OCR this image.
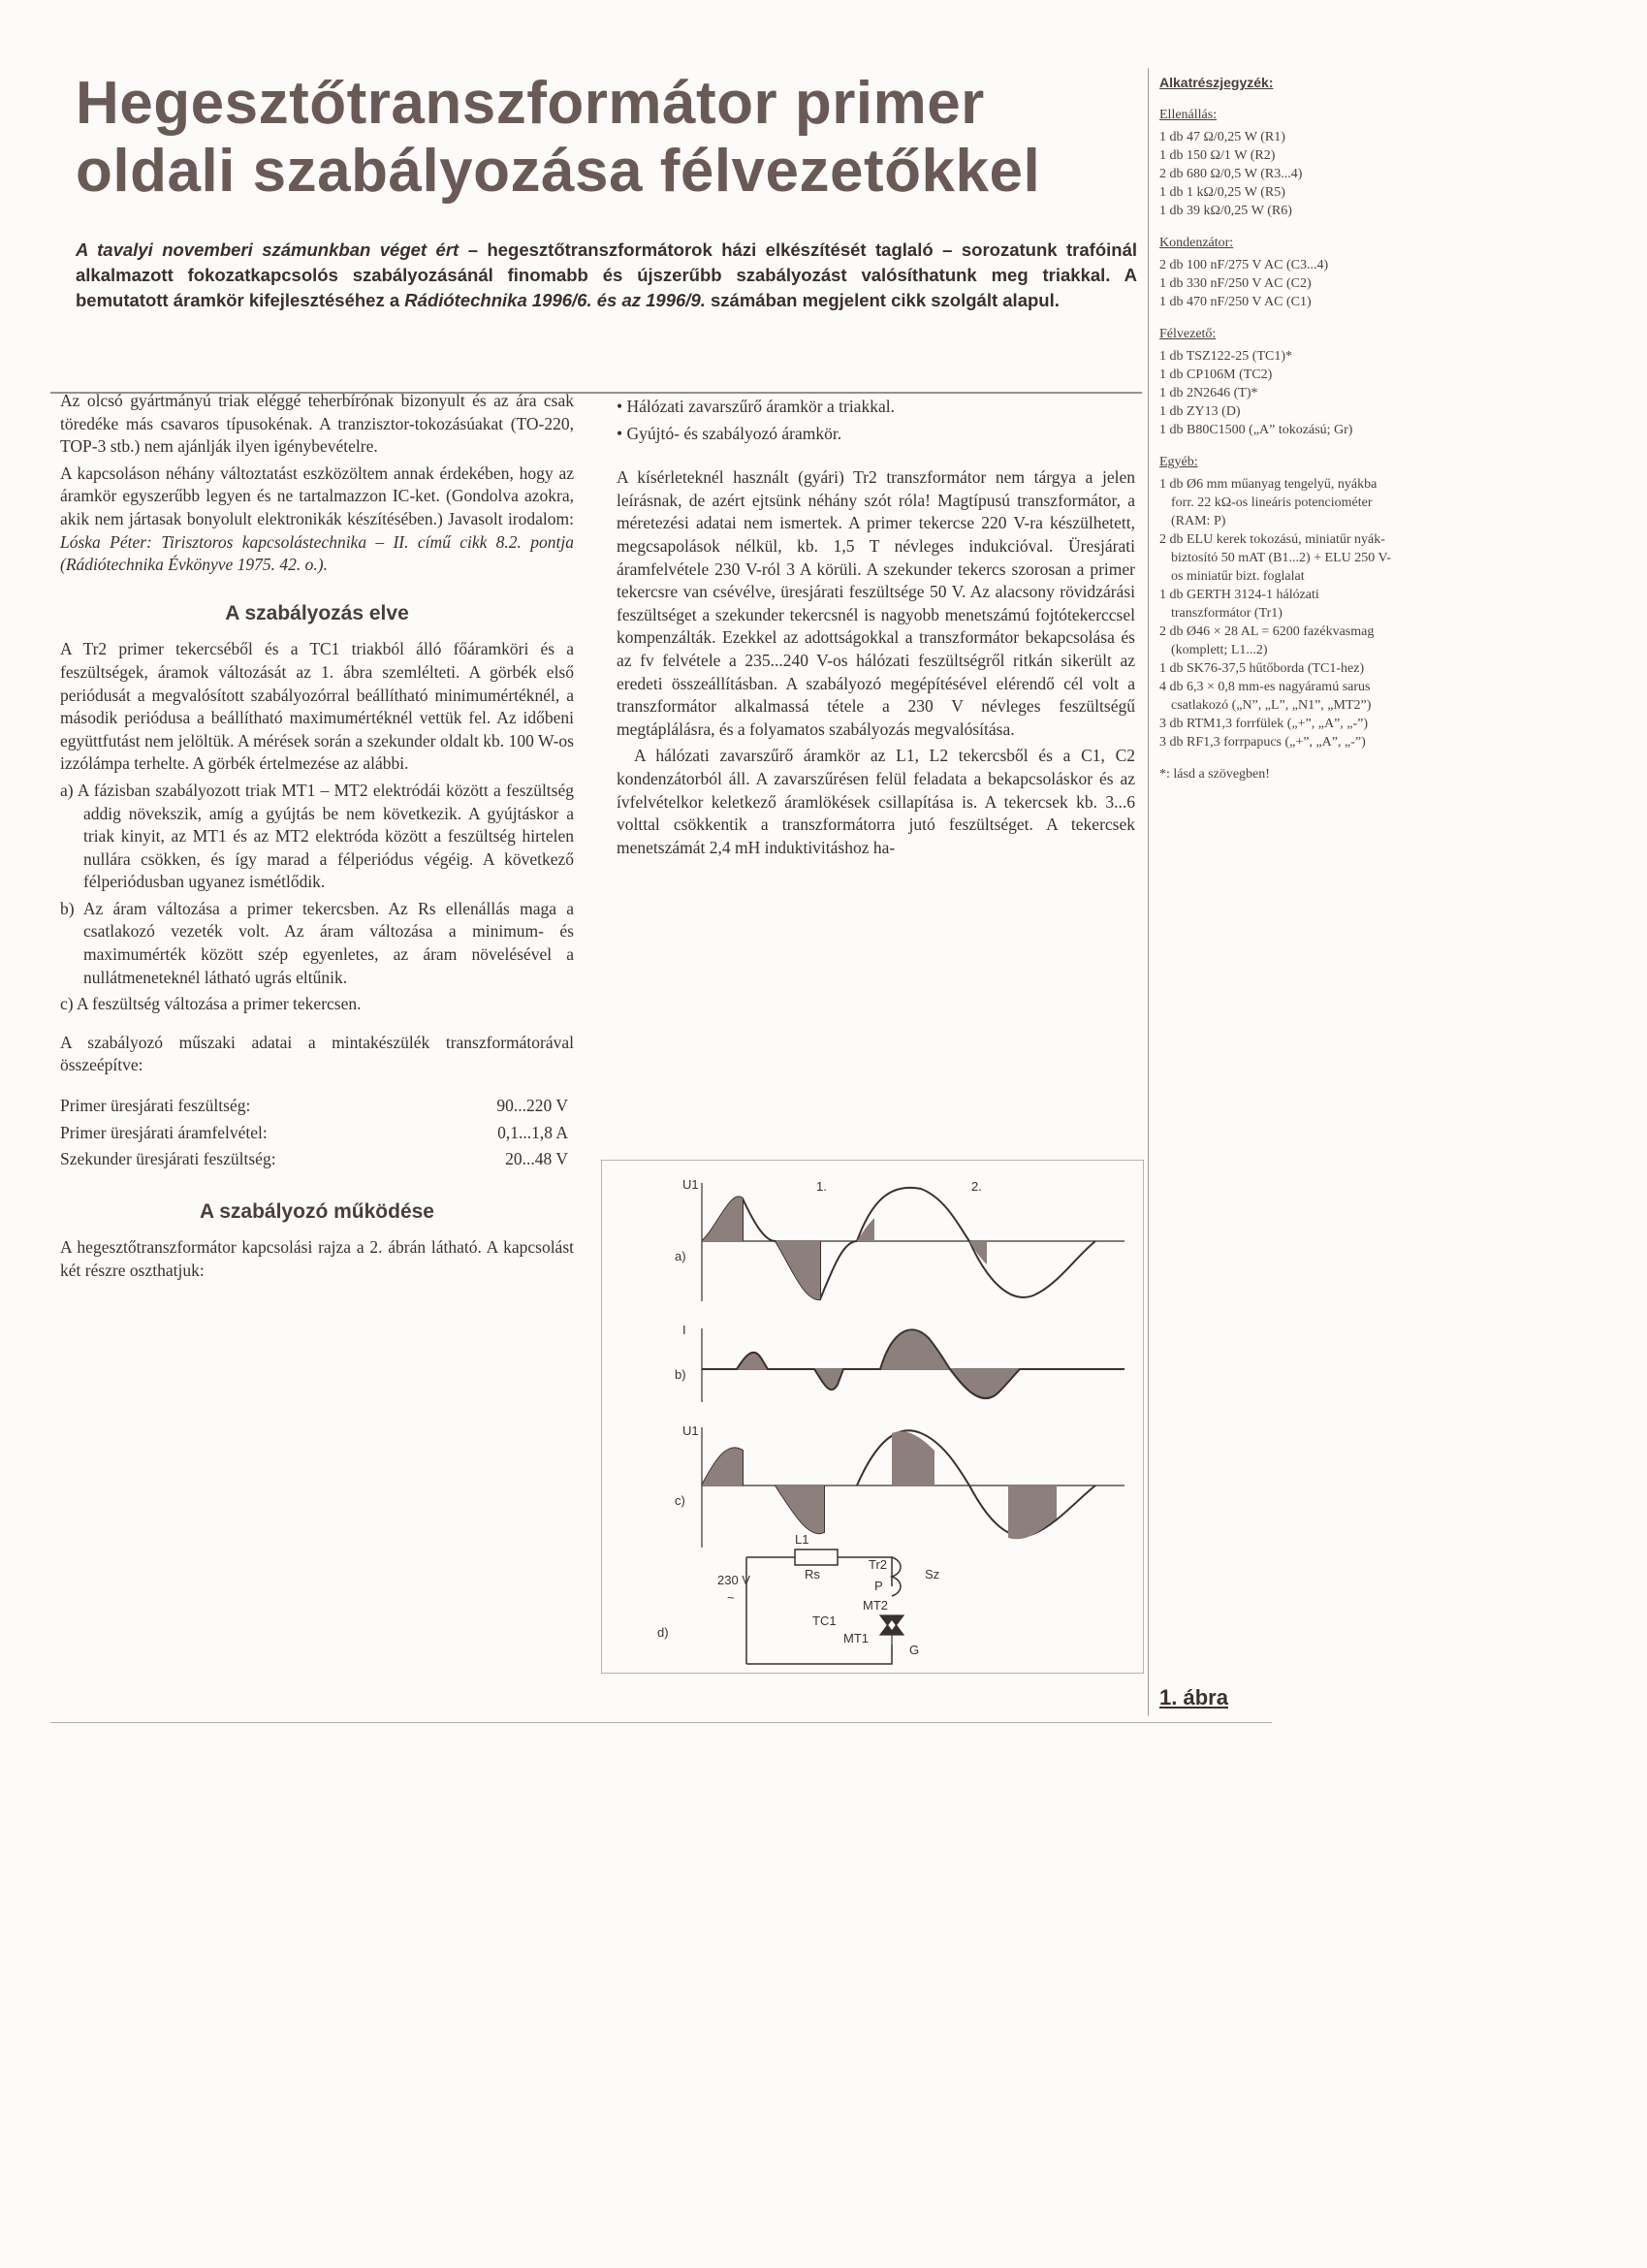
Hegesztőtranszformátor primer
oldali szabályozása félvezetőkkel
A tavalyi novemberi számunkban véget ért – hegesztőtranszformátorok házi elkészítését taglaló – sorozatunk trafóinál alkalmazott fokozatkapcsolós szabályozásánál finomabb és újszerűbb szabályozást valósíthatunk meg triakkal. A bemutatott áramkör kifejlesztéséhez a Rádiótechnika 1996/6. és az 1996/9. számában megjelent cikk szolgált alapul.

Az olcsó gyártmányú triak eléggé teherbírónak bizonyult és az ára csak töredéke más csavaros típusokénak. A tranzisztor-tokozásúakat (TO-220, TOP-3 stb.) nem ajánlják ilyen igénybevételre.

A kapcsoláson néhány változtatást eszközöltem annak érdekében, hogy az áramkör egyszerűbb legyen és ne tartalmazzon IC-ket. (Gondolva azokra, akik nem jártasak bonyolult elektronikák készítésében.) Javasolt irodalom: Lóska Péter: Tirisztoros kapcsolástechnika – II. című cikk 8.2. pontja (Rádiótechnika Évkönyve 1975. 42. o.).

A szabályozás elve

A Tr2 primer tekercséből és a TC1 triakból álló főáramköri és a feszültségek, áramok változását az 1. ábra szemlélteti. A görbék első periódusát a megvalósított szabályozórral beállítható minimumértéknél, a második periódusa a beállítható maximumértéknél vettük fel. Az időbeni együttfutást nem jelöltük. A mérések során a szekunder oldalt kb. 100 W-os izzólámpa terhelte. A görbék értelmezése az alábbi.

a) A fázisban szabályozott triak MT1 – MT2 elektródái között a feszültség addig növekszik, amíg a gyújtás be nem következik. A gyújtáskor a triak kinyit, az MT1 és az MT2 elektróda között a feszültség hirtelen nullára csökken, és így marad a félperiódus végéig. A következő félperiódusban ugyanez ismétlődik.

b) Az áram változása a primer tekercsben. Az Rs ellenállás maga a csatlakozó vezeték volt. Az áram változása a minimum- és maximumérték között szép egyenletes, az áram növelésével a nullátmeneteknél látható ugrás eltűnik.

c) A feszültség változása a primer tekercsen.

A szabályozó műszaki adatai a mintakészülék transzformátorával összeépítve:

Primer üresjárati feszültség:	90...220 V

Primer üresjárati áramfelvétel:	0,1...1,8 A

Szekunder üresjárati feszültség:	20...48 V

A szabályozó működése

A hegesztőtranszformátor kapcsolási rajza a 2. ábrán látható. A kapcsolást két részre oszthatjuk:

• Hálózati zavarszűrő áramkör a triakkal.

• Gyújtó- és szabályozó áramkör.

A kísérleteknél használt (gyári) Tr2 transzformátor nem tárgya a jelen leírásnak, de azért ejtsünk néhány szót róla! Magtípusú transzformátor, a méretezési adatai nem ismertek. A primer tekercse 220 V-ra készülhetett, megcsapolások nélkül, kb. 1,5 T névleges indukcióval. Üresjárati áramfelvétele 230 V-ról 3 A körüli. A szekunder tekercs szorosan a primer tekercsre van csévélve, üresjárati feszültsége 50 V. Az alacsony rövidzárási feszültséget a szekunder tekercsnél is nagyobb menetszámú fojtótekerccsel kompenzálták. Ezekkel az adottságokkal a transzformátor bekapcsolása és az fv felvétele a 235...240 V-os hálózati feszültségről ritkán sikerült az eredeti összeállításban. A szabályozó megépítésével elérendő cél volt a transzformátor alkalmassá tétele a 230 V névleges feszültségű megtáplálásra, és a folyamatos szabályozás megvalósítása.

A hálózati zavarszűrő áramkör az L1, L2 tekercsből és a C1, C2 kondenzátorból áll. A zavarszűrésen felül feladata a bekapcsoláskor és az ívfelvételkor keletkező áramlökések csillapítása is. A tekercsek kb. 3...6 volttal csökkentik a transzformátorra jutó feszültséget. A tekercsek menetszámát 2,4 mH induktivitáshoz ha-

Alkatrészjegyzék:
Ellenállás:

1 db 47 Ω/0,25 W (R1)

1 db 150 Ω/1 W (R2)

2 db 680 Ω/0,5 W (R3...4)

1 db 1 kΩ/0,25 W (R5)

1 db 39 kΩ/0,25 W (R6)

Kondenzátor:

2 db 100 nF/275 V AC (C3...4)

1 db 330 nF/250 V AC (C2)

1 db 470 nF/250 V AC (C1)

Félvezető:

1 db TSZ122-25 (TC1)*

1 db CP106M (TC2)

1 db 2N2646 (T)*

1 db ZY13 (D)

1 db B80C1500 („A” tokozású; Gr)

Egyéb:

1 db Ø6 mm műanyag tengelyű, nyákba forr. 22 kΩ-os lineáris potenciométer (RAM: P)

2 db ELU kerek tokozású, miniatűr nyák-biztosító 50 mAT (B1...2) + ELU 250 V-os miniatűr bizt. foglalat

1 db GERTH 3124-1 hálózati transzformátor (Tr1)

2 db Ø46 × 28 AL = 6200 fazékvasmag (komplett; L1...2)

1 db SK76-37,5 hűtőborda (TC1-hez)

4 db 6,3 × 0,8 mm-es nagyáramú sarus csatlakozó („N”, „L”, „N1”, „MT2”)

3 db RTM1,3 forrfülek („+”, „A”, „-”)

3 db RF1,3 forrpapucs („+”, „A”, „-”)

*: lásd a szövegben!

U1
a)
1.	2.
I
b)
U1
c)
d)
230 V
~
Rs
L1
Tr2
P
Sz
MT2
MT1
TC1
G
1. ábra
